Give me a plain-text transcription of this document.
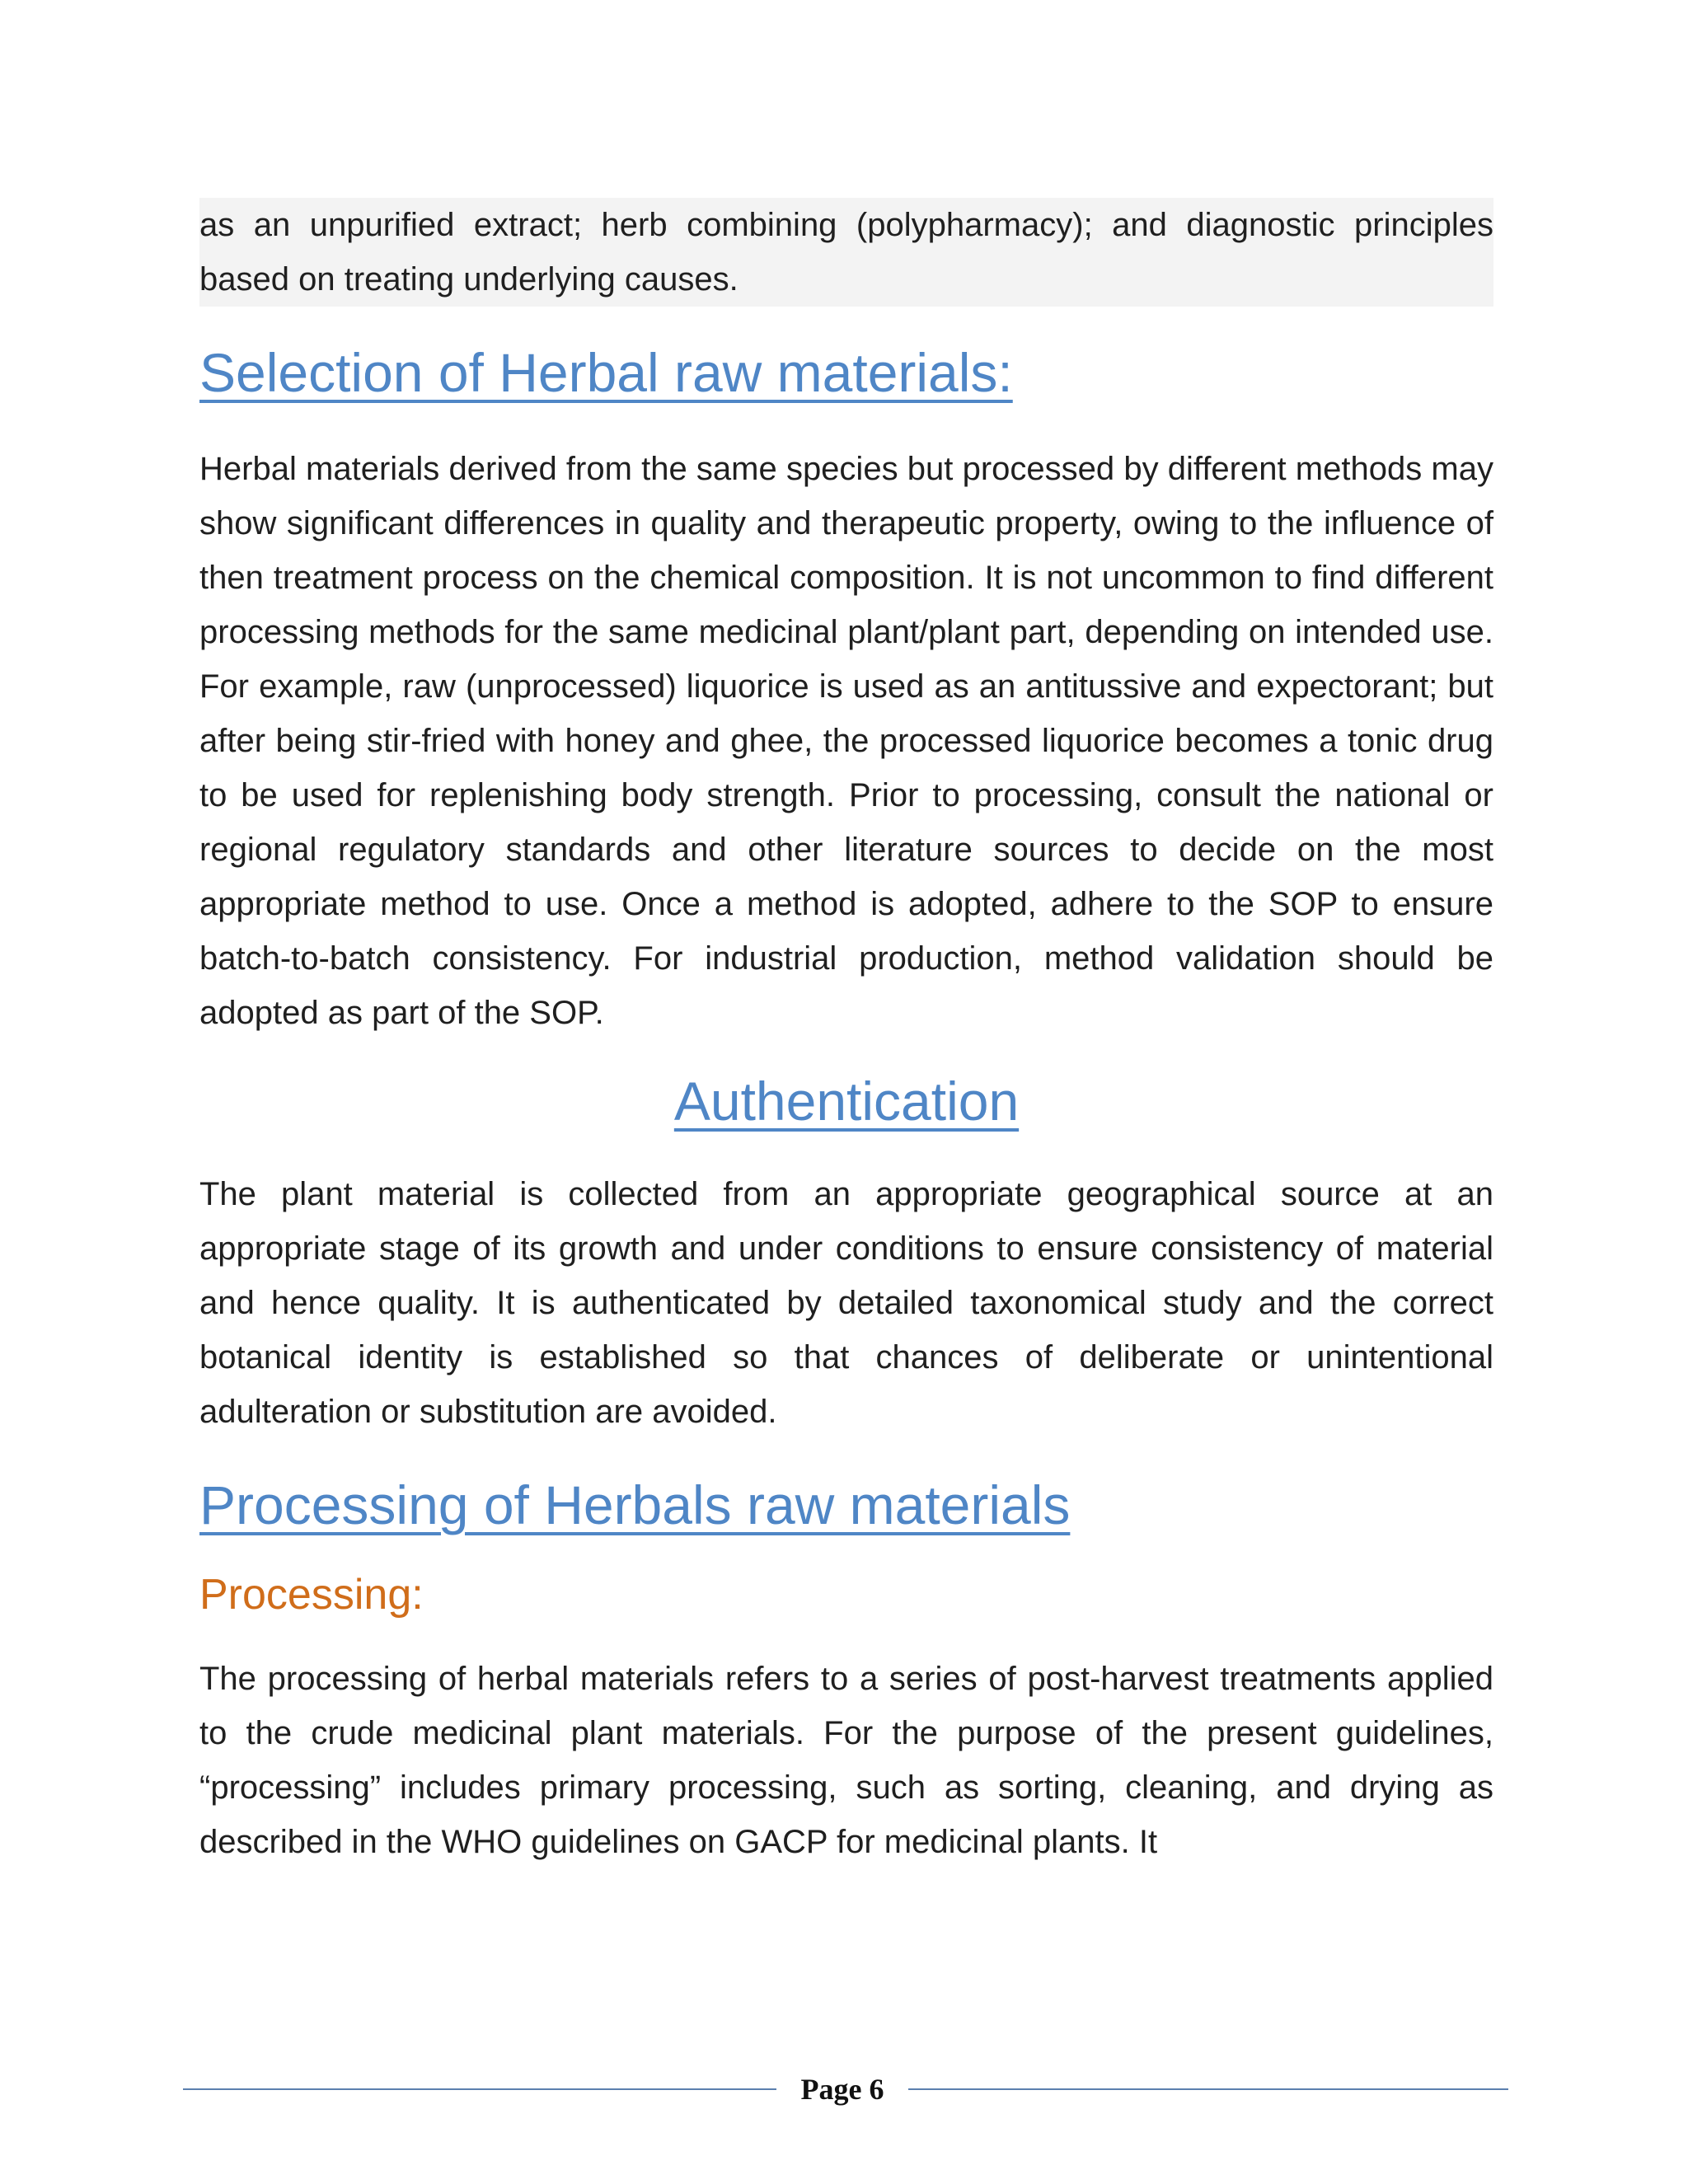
as an unpurified extract; herb combining (polypharmacy); and diagnostic principles based on treating underlying causes.

Selection of Herbal raw materials:

Herbal materials derived from the same species but processed by different methods may show significant differences in quality and therapeutic property, owing to the influence of then treatment process on the chemical composition. It is not uncommon to find different processing methods for the same medicinal plant/plant part, depending on intended use. For example, raw (unprocessed) liquorice is used as an antitussive and expectorant; but after being stir-fried with honey and ghee, the processed liquorice becomes a tonic drug to be used for replenishing body strength. Prior to processing, consult the national or regional regulatory standards and other literature sources to decide on the most appropriate method to use. Once a method is adopted, adhere to the SOP to ensure batch-to-batch consistency. For industrial production, method validation should be adopted as part of the SOP.

Authentication

The plant material is collected from an appropriate geographical source at an appropriate stage of its growth and under conditions to ensure consistency of material and hence quality. It is authenticated by detailed taxonomical study and the correct botanical identity is established so that chances of deliberate or unintentional adulteration or substitution are avoided.

Processing of Herbals raw materials
Processing:

The processing of herbal materials refers to a series of post-harvest treatments applied to the crude medicinal plant materials. For the purpose of the present guidelines, “processing” includes primary processing, such as sorting, cleaning, and drying as described in the WHO guidelines on GACP for medicinal plants. It

Page 6
